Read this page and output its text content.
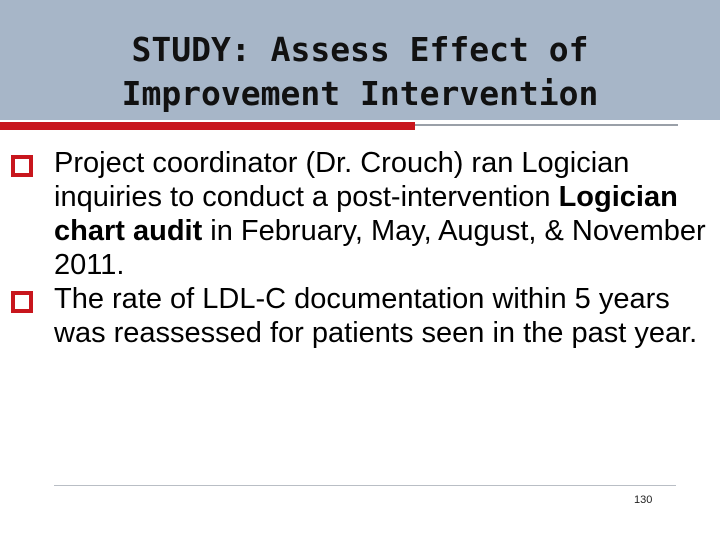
STUDY: Assess Effect of
Improvement Intervention
Project coordinator (Dr. Crouch) ran Logician inquiries to conduct a post-intervention Logician chart audit in February, May, August, & November 2011.
The rate of LDL-C documentation within 5 years was reassessed for patients seen in the past year.
130
